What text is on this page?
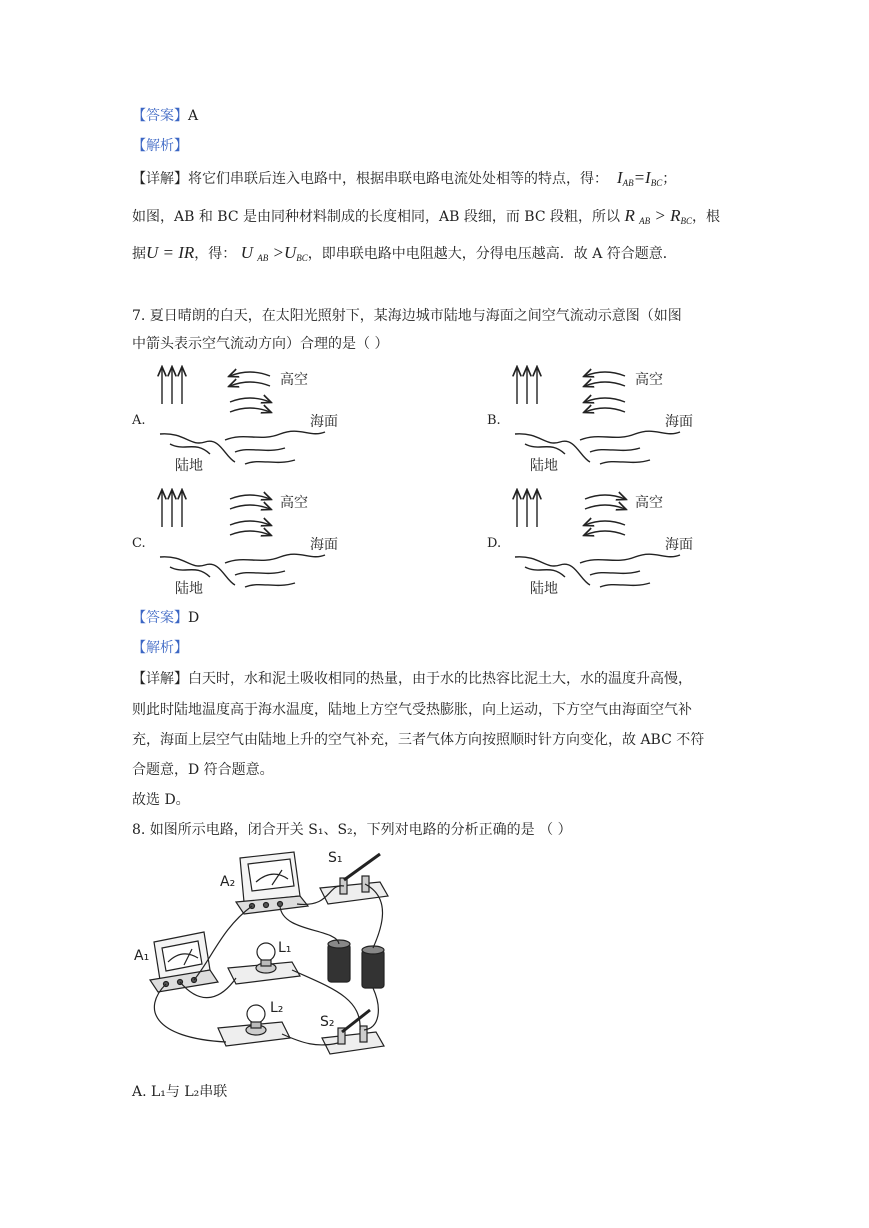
【答案】A
【解析】
【详解】将它们串联后连入电路中，根据串联电路电流处处相等的特点，得： $I_{AB}=I_{BC}$；
如图，AB 和 BC 是由同种材料制成的长度相同，AB 段细，而 BC 段粗，所以 R $_{AB} > R_{BC}$，根
据U = IR，得： U $_{AB} >U_{BC}$，即串联电路中电阻越大，分得电压越高．故 A 符合题意．
7. 夏日晴朗的白天，在太阳光照射下，某海边城市陆地与海面之间空气流动示意图（如图
中箭头表示空气流动方向）合理的是（ ）
A.
高空
海面
陆地
B.
高空
海面
陆地
C.
高空
海面
陆地
D.
高空
海面
陆地
【答案】D
【解析】
【详解】白天时，水和泥土吸收相同的热量，由于水的比热容比泥土大，水的温度升高慢，
则此时陆地温度高于海水温度，陆地上方空气受热膨胀，向上运动，下方空气由海面空气补
充，海面上层空气由陆地上升的空气补充，三者气体方向按照顺时针方向变化，故 ABC 不符
合题意，D 符合题意。
故选 D。
8. 如图所示电路，闭合开关 S₁、S₂，下列对电路的分析正确的是 （ ）
A₂
S₁
A₁	L₁
L₂
S₂
A. L₁与 L₂串联
